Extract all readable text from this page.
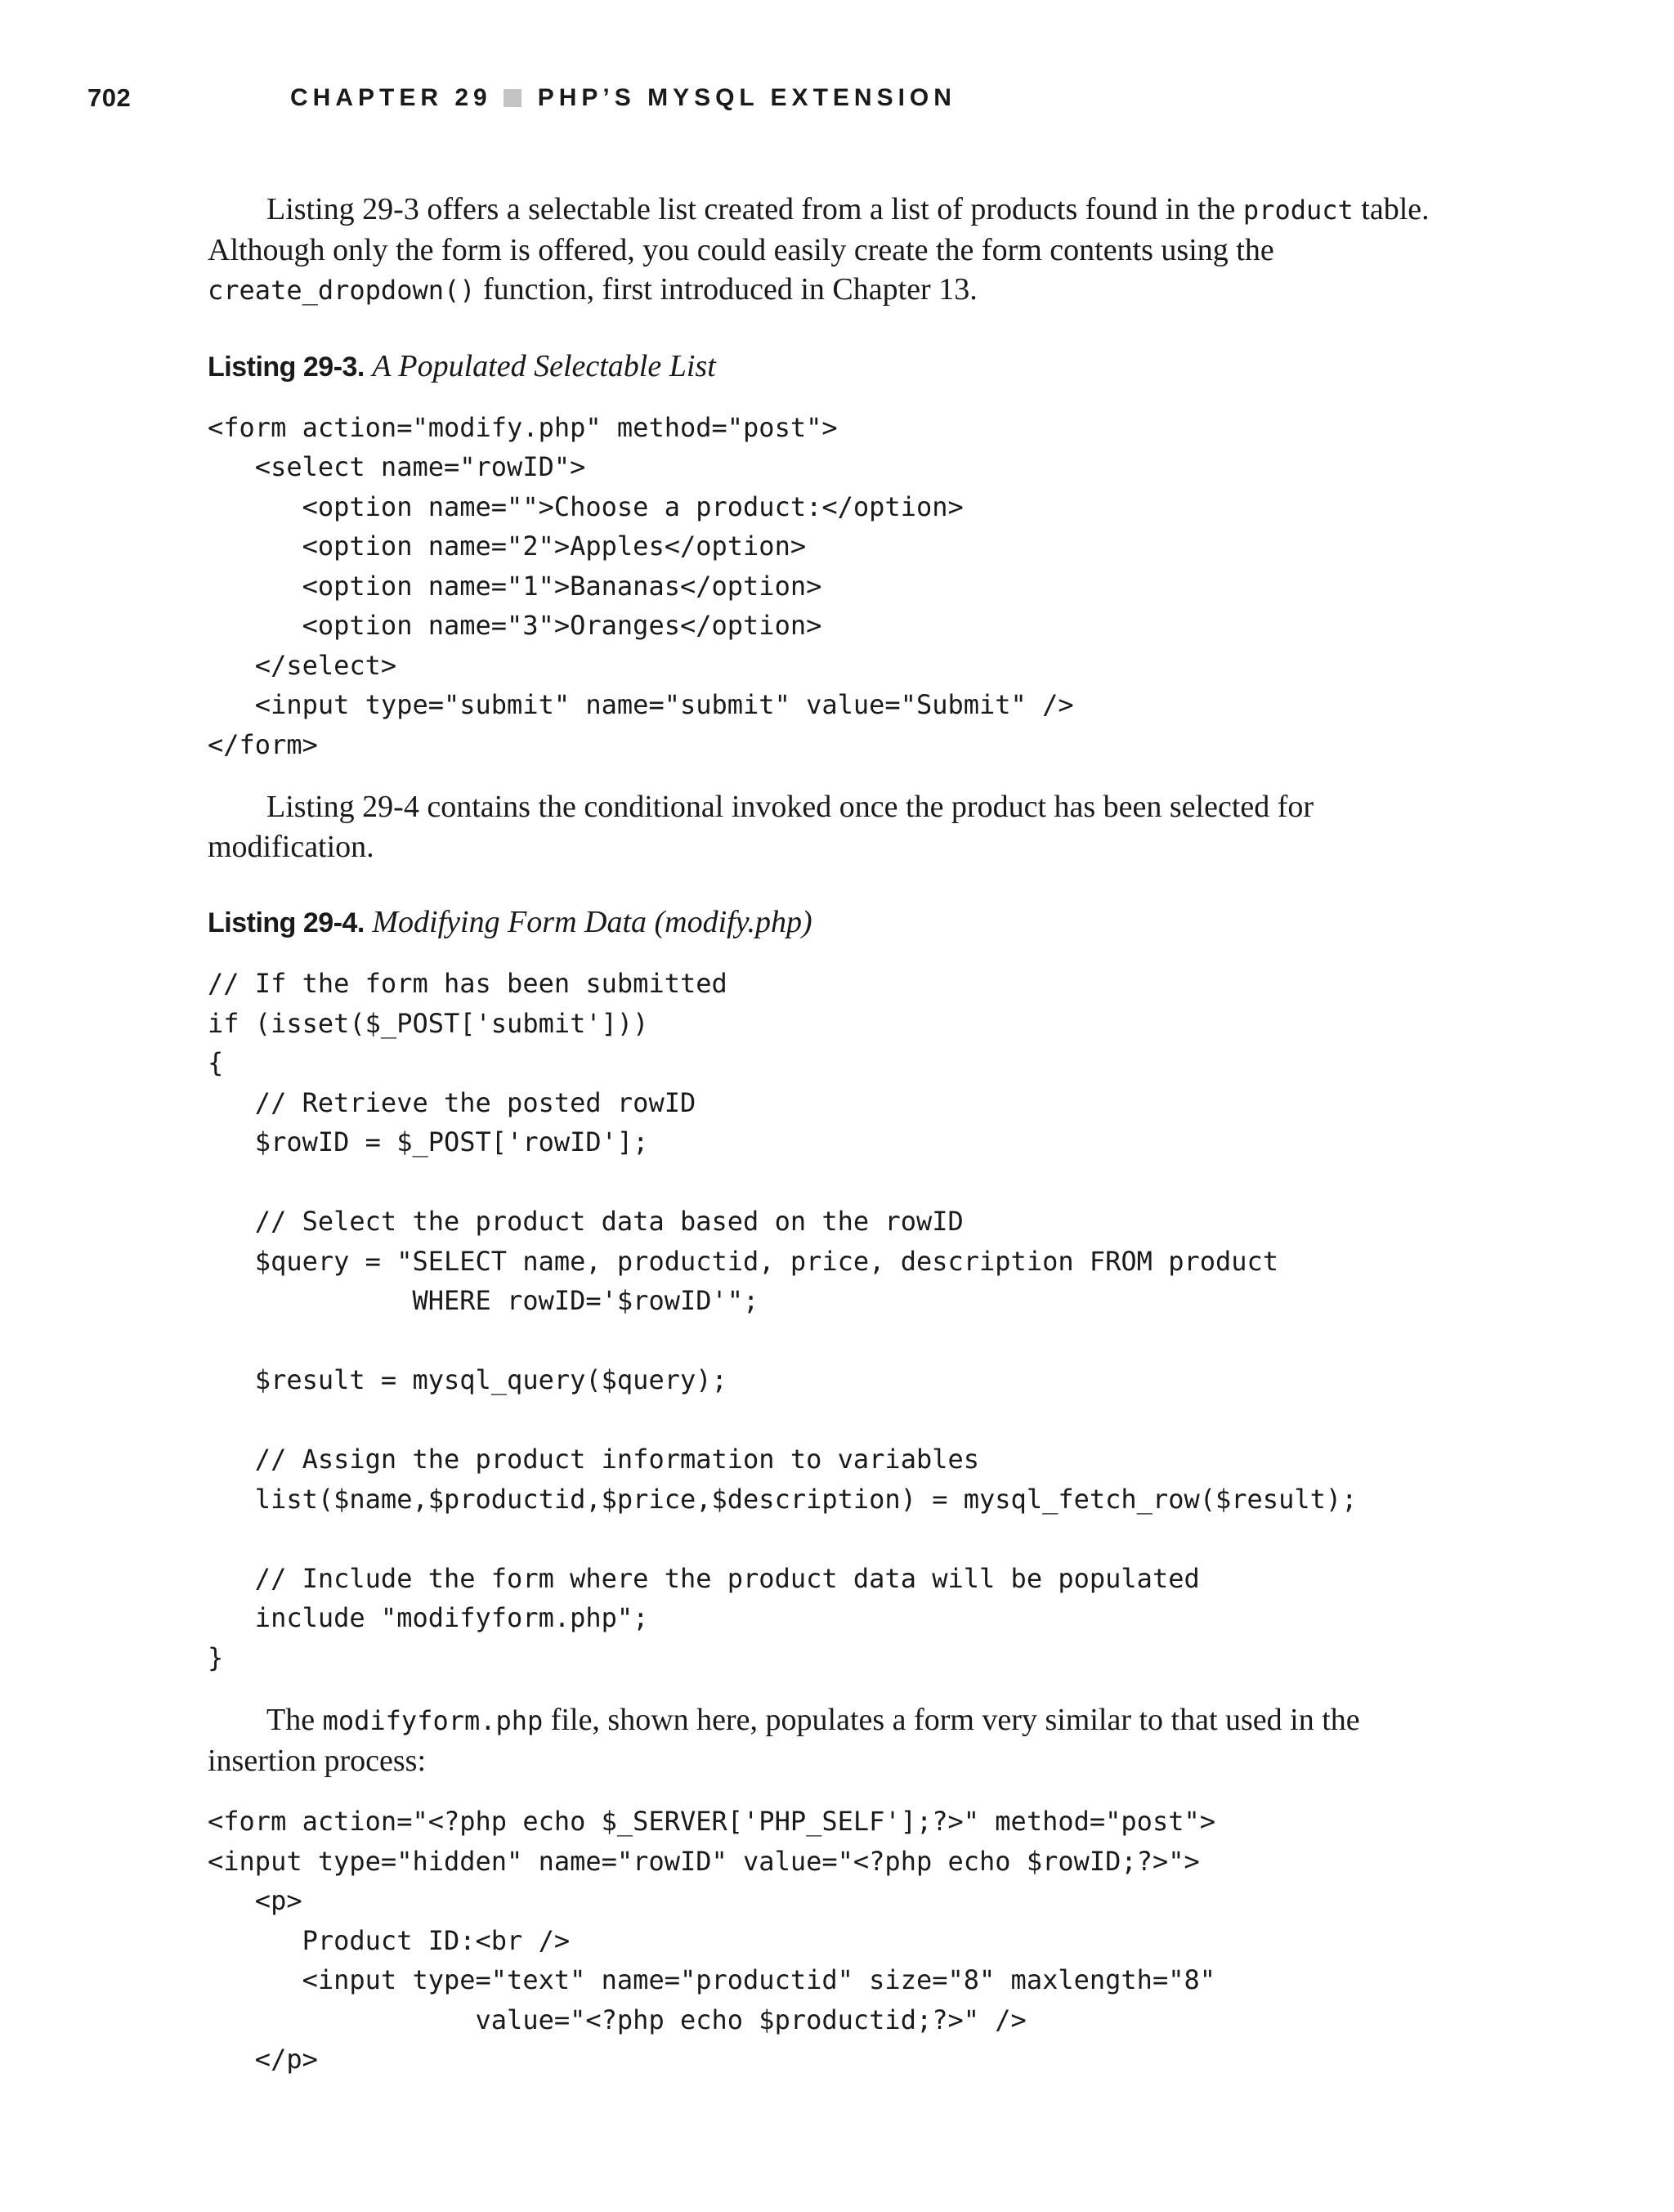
702	CHAPTER 29 PHP’S MYSQL EXTENSION

Listing 29-3 offers a selectable list created from a list of products found in the product table. Although only the form is offered, you could easily create the form contents using the create_dropdown() function, first introduced in Chapter 13.

Listing 29-3. A Populated Selectable List

<form action="modify.php" method="post">
<select name="rowID">
<option name="">Choose a product:</option>
<option name="2">Apples</option>
<option name="1">Bananas</option>
<option name="3">Oranges</option>
</select>
<input type="submit" name="submit" value="Submit" />
</form>

Listing 29-4 contains the conditional invoked once the product has been selected for modification.

Listing 29-4. Modifying Form Data (modify.php)

// If the form has been submitted
if (isset($_POST['submit']))
{
// Retrieve the posted rowID
$rowID = $_POST['rowID'];

// Select the product data based on the rowID
$query = "SELECT name, productid, price, description FROM product
WHERE rowID='$rowID'";

$result = mysql_query($query);

// Assign the product information to variables
list($name,$productid,$price,$description) = mysql_fetch_row($result);

// Include the form where the product data will be populated
include "modifyform.php";
}

The modifyform.php file, shown here, populates a form very similar to that used in the insertion process:

<form action="<?php echo $_SERVER['PHP_SELF'];?>" method="post">
<input type="hidden" name="rowID" value="<?php echo $rowID;?>">
<p>
Product ID:<br />
<input type="text" name="productid" size="8" maxlength="8"
value="<?php echo $productid;?>" />
</p>
